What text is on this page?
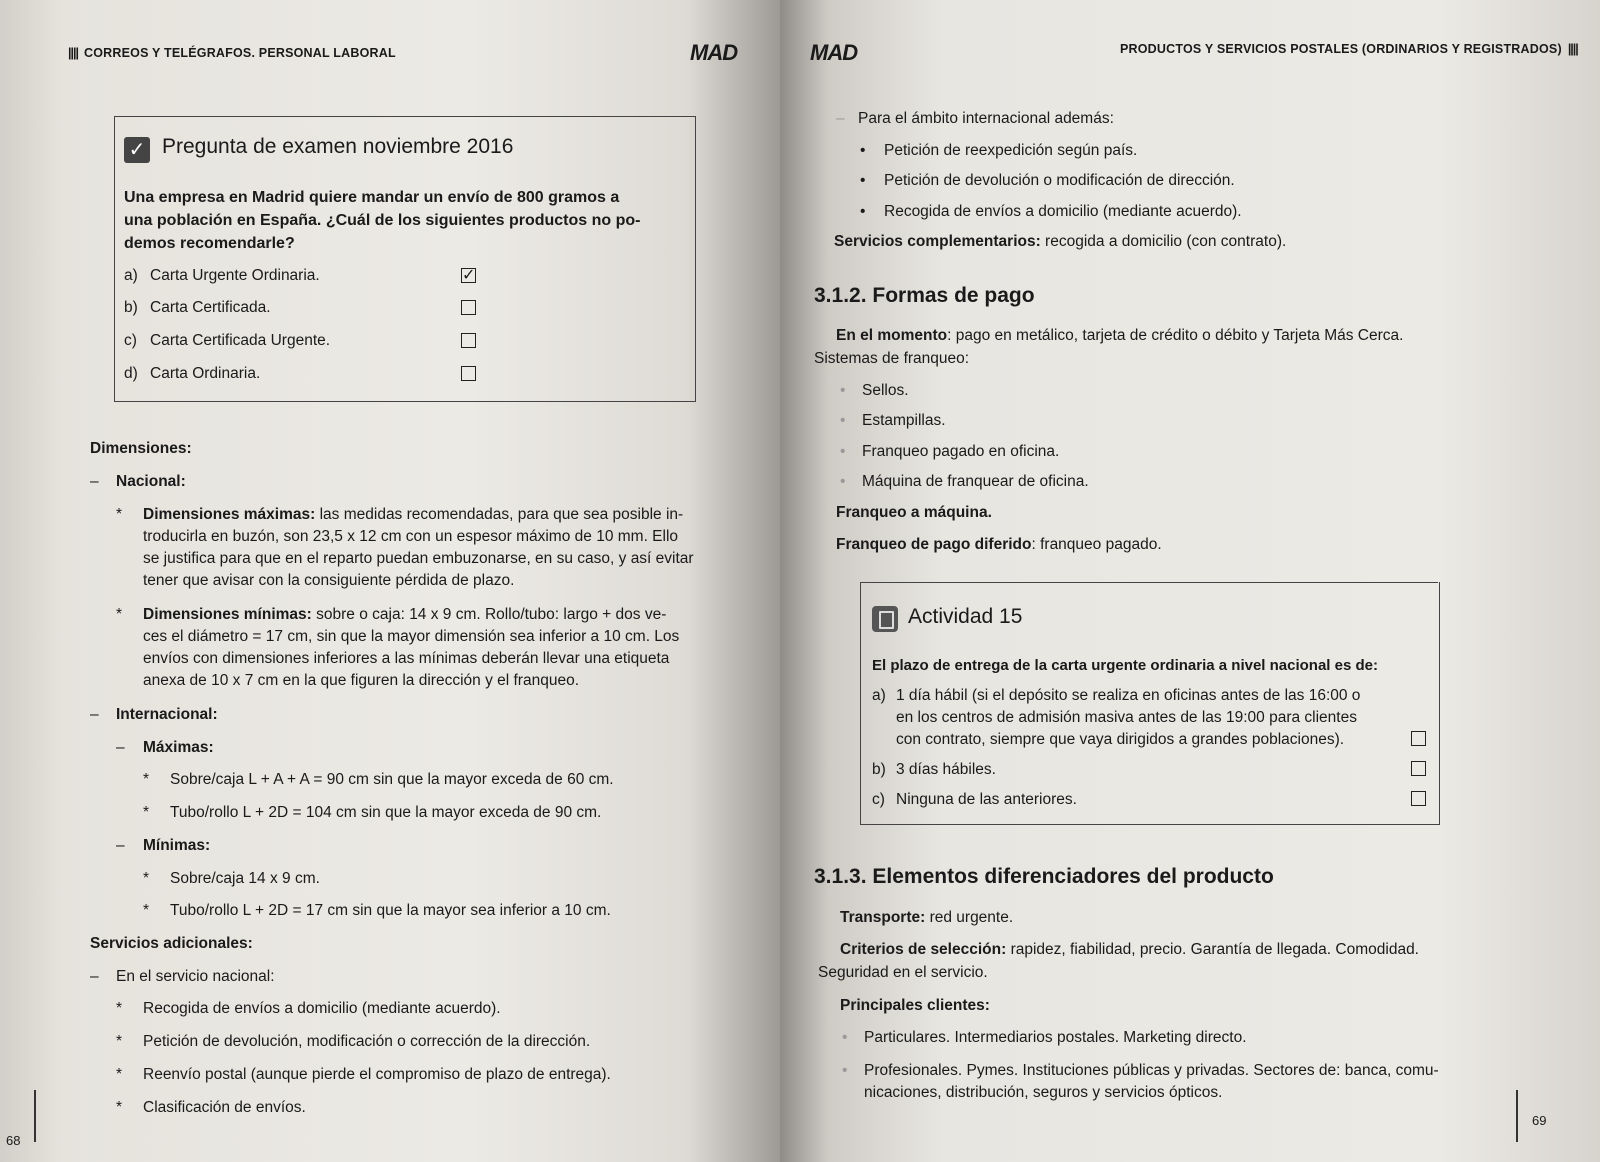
|||| CORREOS Y TELÉGRAFOS. PERSONAL LABORAL	MAD
✓ Pregunta de examen noviembre 2016
Una empresa en Madrid quiere mandar un envío de 800 gramos a
una población en España. ¿Cuál de los siguientes productos no po-
demos recomendarle?
a) Carta Urgente Ordinaria.	✓
b) Carta Certificada.
c) Carta Certificada Urgente.
d) Carta Ordinaria.
Dimensiones:
– Nacional:
* Dimensiones máximas: las medidas recomendadas, para que sea posible in-
troducirla en buzón, son 23,5 x 12 cm con un espesor máximo de 10 mm. Ello
se justifica para que en el reparto puedan embuzonarse, en su caso, y así evitar
tener que avisar con la consiguiente pérdida de plazo.
* Dimensiones mínimas: sobre o caja: 14 x 9 cm. Rollo/tubo: largo + dos ve-
ces el diámetro = 17 cm, sin que la mayor dimensión sea inferior a 10 cm. Los
envíos con dimensiones inferiores a las mínimas deberán llevar una etiqueta
anexa de 10 x 7 cm en la que figuren la dirección y el franqueo.
– Internacional:
– Máximas:
* Sobre/caja L + A + A = 90 cm sin que la mayor exceda de 60 cm.
* Tubo/rollo L + 2D = 104 cm sin que la mayor exceda de 90 cm.
– Mínimas:
* Sobre/caja 14 x 9 cm.
* Tubo/rollo L + 2D = 17 cm sin que la mayor sea inferior a 10 cm.
Servicios adicionales:
– En el servicio nacional:
* Recogida de envíos a domicilio (mediante acuerdo).
* Petición de devolución, modificación o corrección de la dirección.
* Reenvío postal (aunque pierde el compromiso de plazo de entrega).
* Clasificación de envíos.
68
MAD	PRODUCTOS Y SERVICIOS POSTALES (ORDINARIOS Y REGISTRADOS) ||||
– Para el ámbito internacional además:
• Petición de reexpedición según país.
• Petición de devolución o modificación de dirección.
• Recogida de envíos a domicilio (mediante acuerdo).
Servicios complementarios: recogida a domicilio (con contrato).
3.1.2. Formas de pago
En el momento: pago en metálico, tarjeta de crédito o débito y Tarjeta Más Cerca.
Sistemas de franqueo:
• Sellos.
• Estampillas.
• Franqueo pagado en oficina.
• Máquina de franquear de oficina.
Franqueo a máquina.
Franqueo de pago diferido: franqueo pagado.
Actividad 15
El plazo de entrega de la carta urgente ordinaria a nivel nacional es de:
a) 1 día hábil (si el depósito se realiza en oficinas antes de las 16:00 o
en los centros de admisión masiva antes de las 19:00 para clientes
con contrato, siempre que vaya dirigidos a grandes poblaciones).
b) 3 días hábiles.
c) Ninguna de las anteriores.
3.1.3. Elementos diferenciadores del producto
Transporte: red urgente.
Criterios de selección: rapidez, fiabilidad, precio. Garantía de llegada. Comodidad.
Seguridad en el servicio.
Principales clientes:
• Particulares. Intermediarios postales. Marketing directo.
• Profesionales. Pymes. Instituciones públicas y privadas. Sectores de: banca, comu-
nicaciones, distribución, seguros y servicios ópticos.
69
